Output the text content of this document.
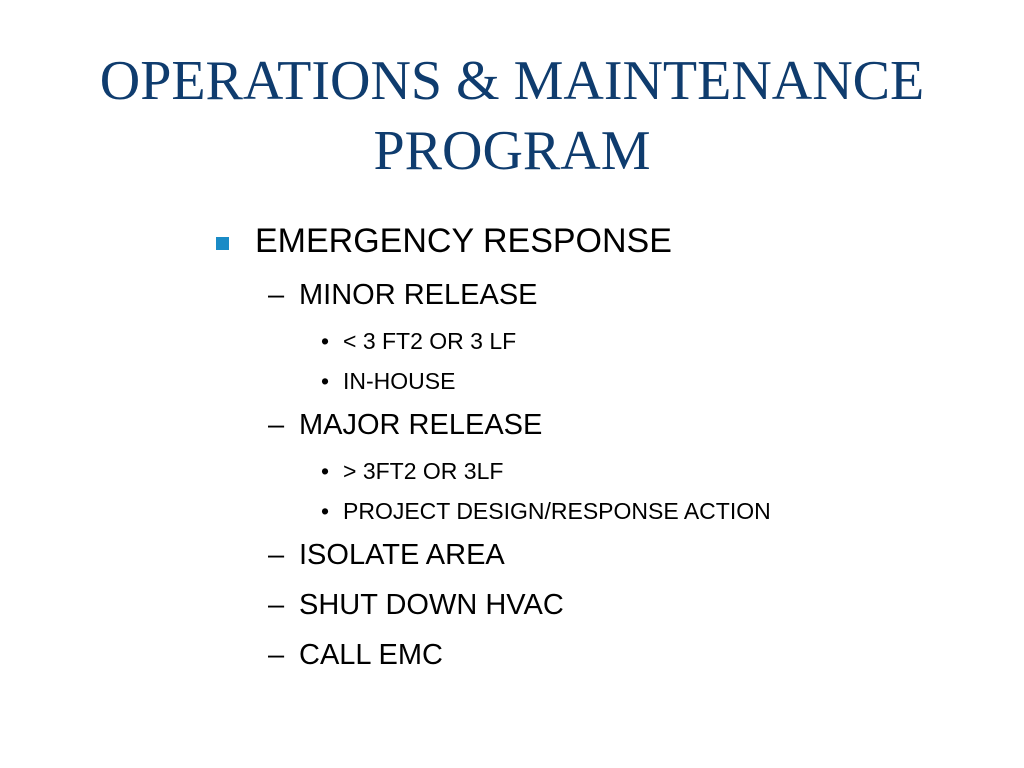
OPERATIONS & MAINTENANCE
PROGRAM
EMERGENCY RESPONSE
– MINOR RELEASE
• < 3 FT2 OR 3 LF
• IN-HOUSE
– MAJOR RELEASE
• > 3FT2 OR 3LF
• PROJECT DESIGN/RESPONSE ACTION
– ISOLATE AREA
– SHUT DOWN HVAC
– CALL EMC
